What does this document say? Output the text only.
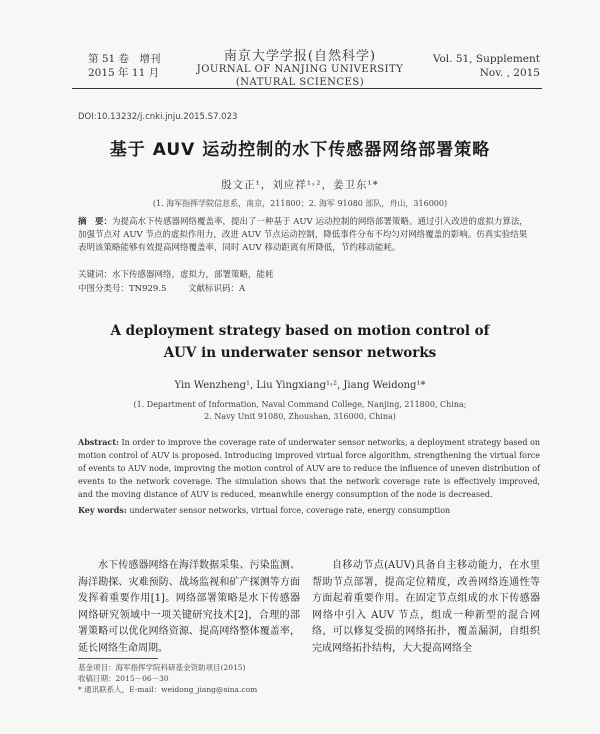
第 51 卷　增刊
2015 年 11 月
南京大学学报(自然科学)
JOURNAL OF NANJING UNIVERSITY
(NATURAL SCIENCES)
Vol. 51, Supplement
Nov. , 2015
DOI:10.13232/j.cnki.jnju.2015.S7.023
基于 AUV 运动控制的水下传感器网络部署策略
殷文正¹，刘应祥¹˒²，姜卫东¹*
(1. 海军指挥学院信息系，南京，211800；2. 海军 91080 部队，舟山，316000)
摘　要：为提高水下传感器网络覆盖率，提出了一种基于 AUV 运动控制的网络部署策略。通过引入改进的虚拟力算法，加强节点对 AUV 节点的虚拟作用力，改进 AUV 节点运动控制，降低事件分布不均匀对网络覆盖的影响。仿真实验结果表明该策略能够有效提高网络覆盖率，同时 AUV 移动距离有所降低，节约移动能耗。
关键词：水下传感器网络，虚拟力，部署策略，能耗
中图分类号：TN929.5	文献标识码：A
A deployment strategy based on motion control of
AUV in underwater sensor networks
Yin Wenzheng¹, Liu Yingxiang¹˒², Jiang Weidong¹*
(1. Department of Information, Naval Command College, Nanjing, 211800, China;
2. Navy Unit 91080, Zhoushan, 316000, China)
Abstract: In order to improve the coverage rate of underwater sensor networks, a deployment strategy based on motion control of AUV is proposed. Introducing improved virtual force algorithm, strengthening the virtual force of events to AUV node, improving the motion control of AUV are to reduce the influence of uneven distribution of events to the network coverage. The simulation shows that the network coverage rate is effectively improved, and the moving distance of AUV is reduced, meanwhile energy consumption of the node is decreased.
Key words: underwater sensor networks, virtual force, coverage rate, energy consumption
水下传感器网络在海洋数据采集、污染监测、海洋勘探、灾难预防、战场监视和矿产探测等方面发挥着重要作用[1]。网络部署策略是水下传感器网络研究领域中一项关键研究技术[2]，合理的部署策略可以优化网络资源、提高网络整体覆盖率，延长网络生命周期。
自移动节点(AUV)具备自主移动能力，在水里帮助节点部署，提高定位精度，改善网络连通性等方面起着重要作用。在固定节点组成的水下传感器网络中引入 AUV 节点，组成一种新型的混合网络，可以修复受损的网络拓扑，覆盖漏洞，自组织完成网络拓扑结构，大大提高网络全
基金项目：海军指挥学院科研基金资助项目(2015)
收稿日期：2015－06－30
* 通讯联系人，E-mail：weidong_jiang@sina.com
